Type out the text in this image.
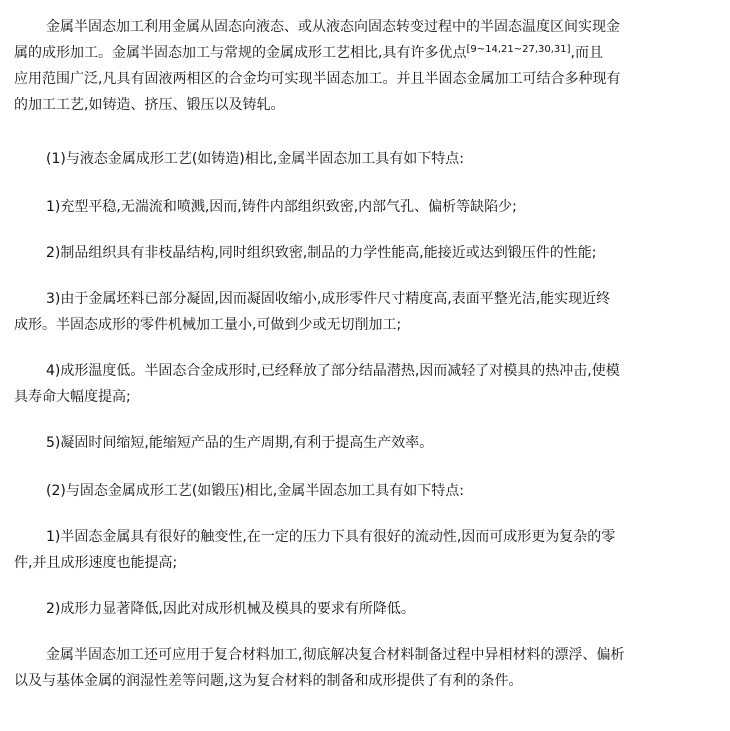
金属半固态加工利用金属从固态向液态、或从液态向固态转变过程中的半固态温度区间实现金
属的成形加工。金属半固态加工与常规的金属成形工艺相比,具有许多优点[9~14,21~27,30,31],而且
应用范围广泛,凡具有固液两相区的合金均可实现半固态加工。并且半固态金属加工可结合多种现有
的加工工艺,如铸造、挤压、锻压以及铸轧。

(1)与液态金属成形工艺(如铸造)相比,金属半固态加工具有如下特点:

1)充型平稳,无湍流和喷溅,因而,铸件内部组织致密,内部气孔、偏析等缺陷少;

2)制品组织具有非枝晶结构,同时组织致密,制品的力学性能高,能接近或达到锻压件的性能;

3)由于金属坯料已部分凝固,因而凝固收缩小,成形零件尺寸精度高,表面平整光洁,能实现近终
成形。半固态成形的零件机械加工量小,可做到少或无切削加工;

4)成形温度低。半固态合金成形时,已经释放了部分结晶潜热,因而减轻了对模具的热冲击,使模
具寿命大幅度提高;

5)凝固时间缩短,能缩短产品的生产周期,有利于提高生产效率。

(2)与固态金属成形工艺(如锻压)相比,金属半固态加工具有如下特点:

1)半固态金属具有很好的触变性,在一定的压力下具有很好的流动性,因而可成形更为复杂的零
件,并且成形速度也能提高;

2)成形力显著降低,因此对成形机械及模具的要求有所降低。

金属半固态加工还可应用于复合材料加工,彻底解决复合材料制备过程中异相材料的漂浮、偏析
以及与基体金属的润湿性差等问题,这为复合材料的制备和成形提供了有利的条件。
